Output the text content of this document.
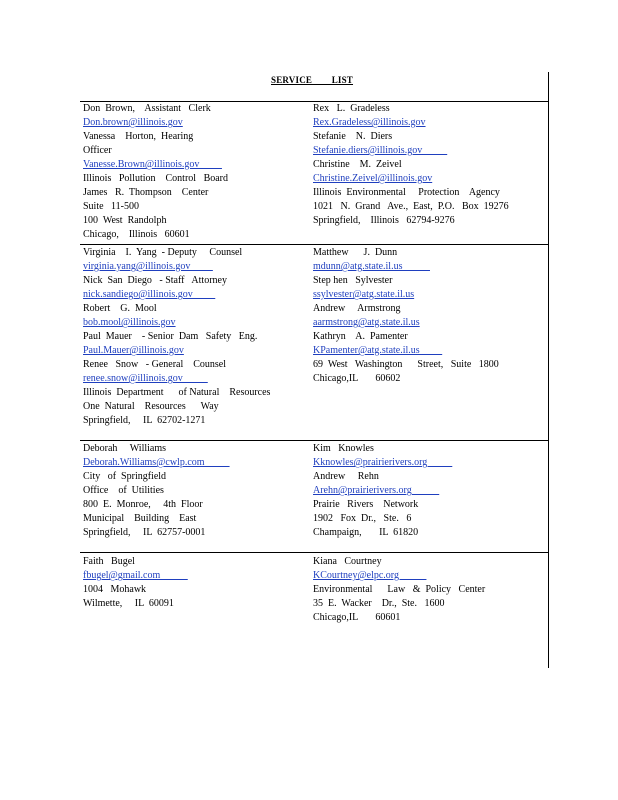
SERVICE        LIST
Don  Brown,    Assistant   Clerk
Don.brown@illinois.gov
Vanessa    Horton,  Hearing
Officer
Vanesse.Brown@illinois.gov
Illinois   Pollution    Control   Board
James   R.  Thompson    Center
Suite   11-500
100  West  Randolph
Chicago,    Illinois   60601
Rex   L.  Gradeless
Rex.Gradeless@illinois.gov
Stefanie    N.  Diers
Stefanie.diers@illinois.gov
Christine    M.  Zeivel
Christine.Zeivel@illinois.gov
Illinois  Environmental     Protection    Agency
1021   N.  Grand   Ave.,  East,  P.O.   Box  19276
Springfield,    Illinois   62794-9276
Virginia    I.  Yang  - Deputy     Counsel
virginia.yang@illinois.gov
Nick  San  Diego   - Staff   Attorney
nick.sandiego@illinois.gov
Robert    G.  Mool
bob.mool@illinois.gov
Paul  Mauer    - Senior  Dam   Safety   Eng.
Paul.Mauer@illinois.gov
Renee   Snow   - General    Counsel
renee.snow@illinois.gov
Illinois  Department      of Natural    Resources
One  Natural    Resources      Way
Springfield,     IL  62702-1271
Matthew      J.  Dunn
mdunn@atg.state.il.us
Step hen   Sylvester
ssylvester@atg.state.il.us
Andrew     Armstrong
aarmstrong@atg.state.il.us
Kathryn    A.  Pamenter
KPamenter@atg.state.il.us
69  West   Washington      Street,   Suite   1800
Chicago,IL       60602
Deborah     Williams
Deborah.Williams@cwlp.com
City   of  Springfield
Office    of  Utilities
800  E.  Monroe,     4th  Floor
Municipal    Building    East
Springfield,     IL  62757-0001
Kim   Knowles
Kknowles@prairierivers.org
Andrew     Rehn
Arehn@prairierivers.org
Prairie   Rivers    Network
1902   Fox  Dr.,   Ste.   6
Champaign,       IL  61820
Faith   Bugel
fbugel@gmail.com
1004   Mohawk
Wilmette,     IL  60091
Kiana   Courtney
KCourtney@elpc.org
Environmental      Law   &  Policy   Center
35  E.  Wacker    Dr.,  Ste.   1600
Chicago,IL       60601
